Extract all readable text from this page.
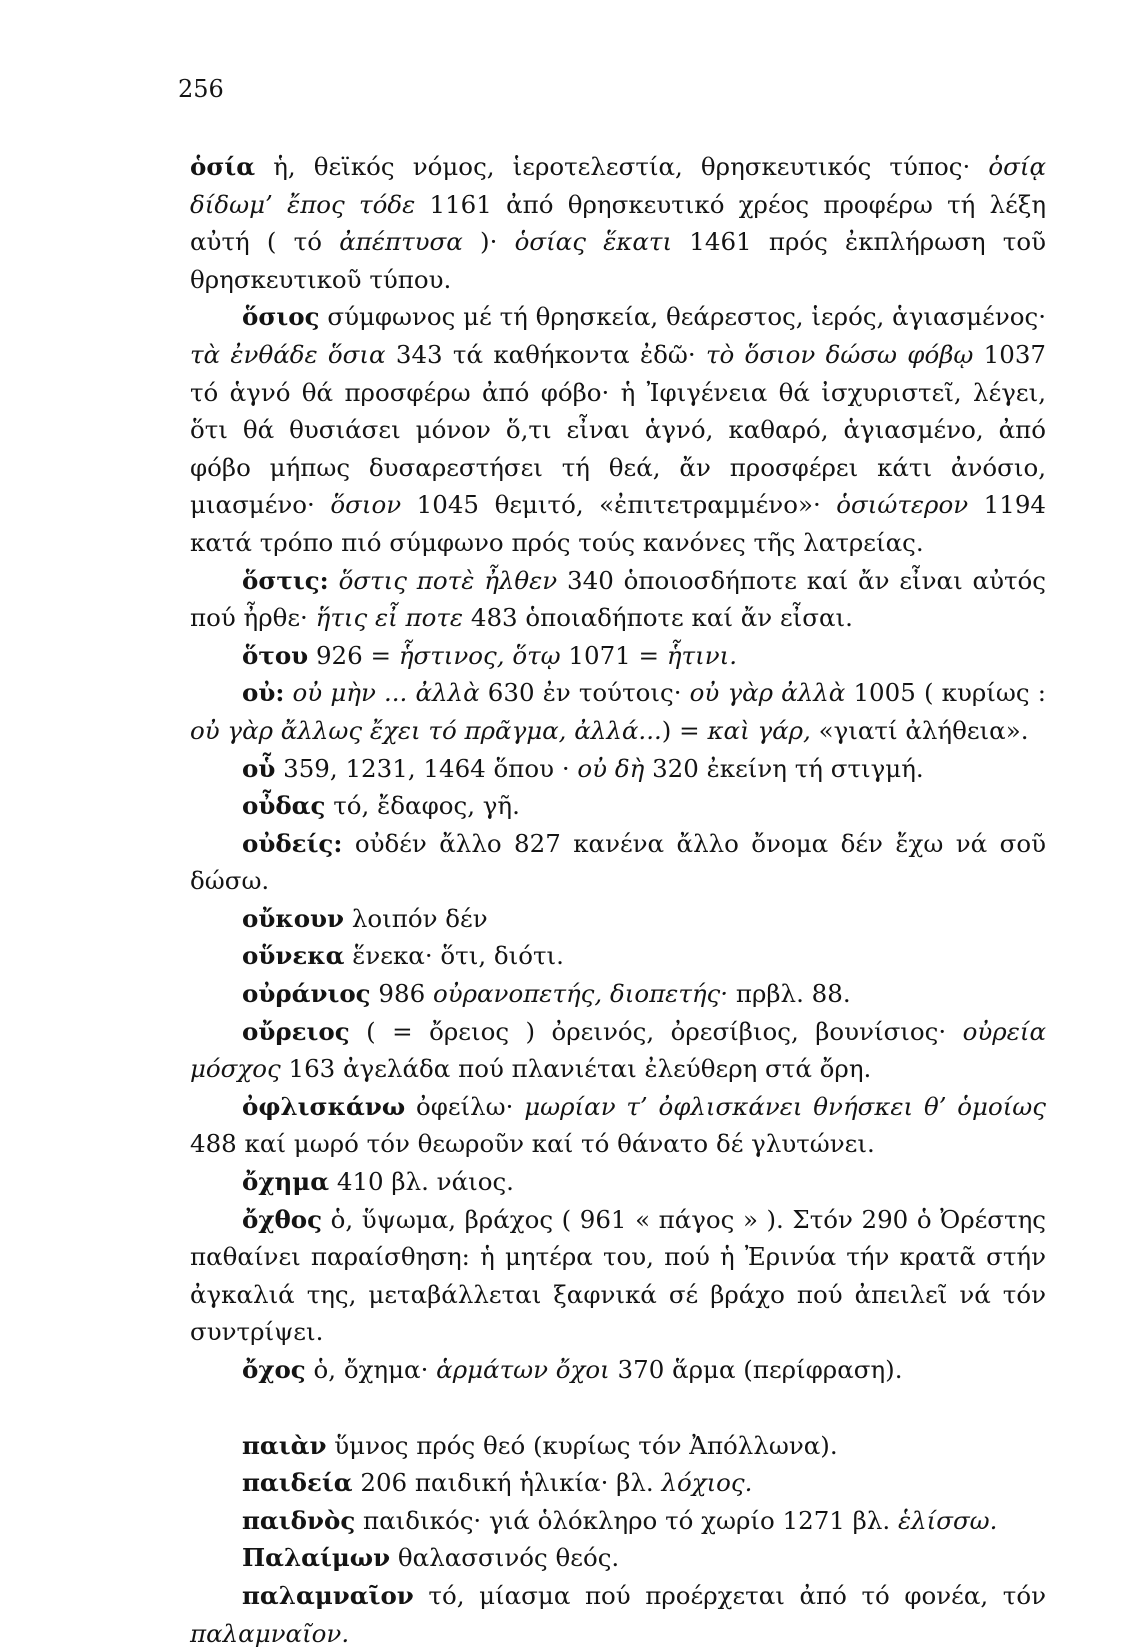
256

ὁσία ἡ, θεϊκός νόμος, ἱεροτελεστία, θρησκευτικός τύπος· ὁσίᾳ δίδωμ’ ἔπος τόδε 1161 ἀπό θρησκευτικό χρέος προφέρω τή λέξη αὐτή ( τό ἀπέπτυσα )· ὁσίας ἕκατι 1461 πρός ἐκπλήρωση τοῦ θρησκευτικοῦ τύπου.

ὅσιος σύμφωνος μέ τή θρησκεία, θεάρεστος, ἱερός, ἁγιασμένος· τὰ ἐνθάδε ὅσια 343 τά καθήκοντα ἐδῶ· τὸ ὅσιον δώσω φόβῳ 1037 τό ἁγνό θά προσφέρω ἀπό φόβο· ἡ Ἰφιγένεια θά ἰσχυριστεῖ, λέγει, ὅτι θά θυσιάσει μόνον ὅ,τι εἶναι ἁγνό, καθαρό, ἁγιασμένο, ἀπό φόβο μήπως δυσαρεστήσει τή θεά, ἄν προσφέρει κάτι ἀνόσιο, μιασμένο· ὅσιον 1045 θεμιτό, «ἐπιτετραμμένο»· ὁσιώτερον 1194 κατά τρόπο πιό σύμφωνο πρός τούς κανόνες τῆς λατρείας.

ὅστις: ὅστις ποτὲ ἦλθεν 340 ὁποιοσδήποτε καί ἄν εἶναι αὐτός πού ἦρθε· ἥτις εἶ ποτε 483 ὁποιαδήποτε καί ἄν εἶσαι.

ὅτου 926 = ἧστινος, ὅτῳ 1071 = ἧτινι.

οὐ: οὐ μὴν ... ἀλλὰ 630 ἐν τούτοις· οὐ γὰρ ἀλλὰ 1005 ( κυρίως : οὐ γὰρ ἄλλως ἔχει τό πρᾶγμα, ἀλλά...) = καὶ γάρ, «γιατί ἀλήθεια».

οὗ 359, 1231, 1464 ὅπου · οὐ δὴ 320 ἐκείνη τή στιγμή.

οὖδας τό, ἔδαφος, γῆ.

οὐδείς: οὐδέν ἄλλο 827 κανένα ἄλλο ὄνομα δέν ἔχω νά σοῦ δώσω.

οὔκουν λοιπόν δέν

οὕνεκα ἕνεκα· ὅτι, διότι.

οὐράνιος 986 οὐρανοπετής, διοπετής· πρβλ. 88.

οὔρειος ( = ὄρειος ) ὀρεινός, ὀρεσίβιος, βουνίσιος· οὐρεία μόσχος 163 ἀγελάδα πού πλανιέται ἐλεύθερη στά ὄρη.

ὀφλισκάνω ὀφείλω· μωρίαν τ’ ὀφλισκάνει θνήσκει θ’ ὁμοίως 488 καί μωρό τόν θεωροῦν καί τό θάνατο δέ γλυτώνει.

ὄχημα 410 βλ. νάιος.

ὄχθος ὁ, ὕψωμα, βράχος ( 961 « πάγος » ). Στόν 290 ὁ Ὀρέστης παθαίνει παραίσθηση: ἡ μητέρα του, πού ἡ Ἐρινύα τήν κρατᾶ στήν ἀγκαλιά της, μεταβάλλεται ξαφνικά σέ βράχο πού ἀπειλεῖ νά τόν συντρίψει.

ὄχος ὁ, ὄχημα· ἁρμάτων ὄχοι 370 ἅρμα (περίφραση).

παιὰν ὕμνος πρός θεό (κυρίως τόν Ἀπόλλωνα).

παιδεία 206 παιδική ἡλικία· βλ. λόχιος.

παιδνὸς παιδικός· γιά ὁλόκληρο τό χωρίο 1271 βλ. ἑλίσσω.

Παλαίμων θαλασσινός θεός.

παλαμναῖον τό, μίασμα πού προέρχεται ἀπό τό φονέα, τόν παλαμναῖον.
